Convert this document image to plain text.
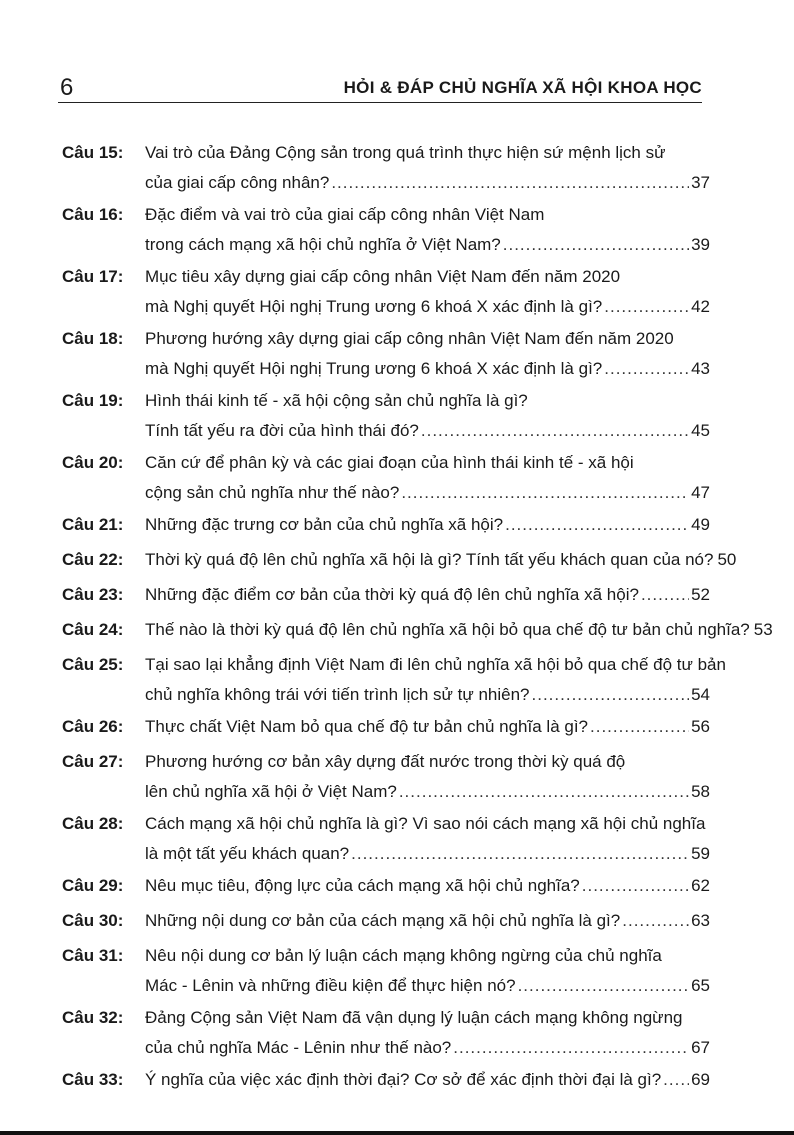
6	HỎI & ĐÁP CHỦ NGHĨA XÃ HỘI KHOA HỌC
Câu 15:	Vai trò của Đảng Cộng sản trong quá trình thực hiện sứ mệnh lịch sử
của giai cấp công nhân? .....	37
Câu 16:	Đặc điểm và vai trò của giai cấp công nhân Việt Nam
trong cách mạng xã hội chủ nghĩa ở Việt Nam? .....	39
Câu 17:	Mục tiêu xây dựng giai cấp công nhân Việt Nam đến năm 2020
mà Nghị quyết Hội nghị Trung ương 6 khoá X xác định là gì? .....	42
Câu 18:	Phương hướng xây dựng giai cấp công nhân Việt Nam đến năm 2020
mà Nghị quyết Hội nghị Trung ương 6 khoá X xác định là gì? .....	43
Câu 19:	Hình thái kinh tế - xã hội cộng sản chủ nghĩa là gì?
Tính tất yếu ra đời của hình thái đó? .....	45
Câu 20:	Căn cứ để phân kỳ và các giai đoạn của hình thái kinh tế - xã hội
cộng sản chủ nghĩa như thế nào? .....	47
Câu 21:	Những đặc trưng cơ bản của chủ nghĩa xã hội? .....	49
Câu 22:	Thời kỳ quá độ lên chủ nghĩa xã hội là gì? Tính tất yếu khách quan của nó? 50
Câu 23:	Những đặc điểm cơ bản của thời kỳ quá độ lên chủ nghĩa xã hội? .....	52
Câu 24:	Thế nào là thời kỳ quá độ lên chủ nghĩa xã hội bỏ qua chế độ tư bản chủ nghĩa? 53
Câu 25:	Tại sao lại khẳng định Việt Nam đi lên chủ nghĩa xã hội bỏ qua chế độ tư bản
chủ nghĩa không trái với tiến trình lịch sử tự nhiên? .....	54
Câu 26:	Thực chất Việt Nam bỏ qua chế độ tư bản chủ nghĩa là gì? .....	56
Câu 27:	Phương hướng cơ bản xây dựng đất nước trong thời kỳ quá độ
lên chủ nghĩa xã hội ở Việt Nam? .....	58
Câu 28:	Cách mạng xã hội chủ nghĩa là gì? Vì sao nói cách mạng xã hội chủ nghĩa
là một tất yếu khách quan? .....	59
Câu 29:	Nêu mục tiêu, động lực của cách mạng xã hội chủ nghĩa? .....	62
Câu 30:	Những nội dung cơ bản của cách mạng xã hội chủ nghĩa là gì? .....	63
Câu 31:	Nêu nội dung cơ bản lý luận cách mạng không ngừng của chủ nghĩa
Mác - Lênin và những điều kiện để thực hiện nó? .....	65
Câu 32:	Đảng Cộng sản Việt Nam đã vận dụng lý luận cách mạng không ngừng
của chủ nghĩa Mác - Lênin như thế nào? .....	67
Câu 33:	Ý nghĩa của việc xác định thời đại? Cơ sở để xác định thời đại là gì? ..... 69
